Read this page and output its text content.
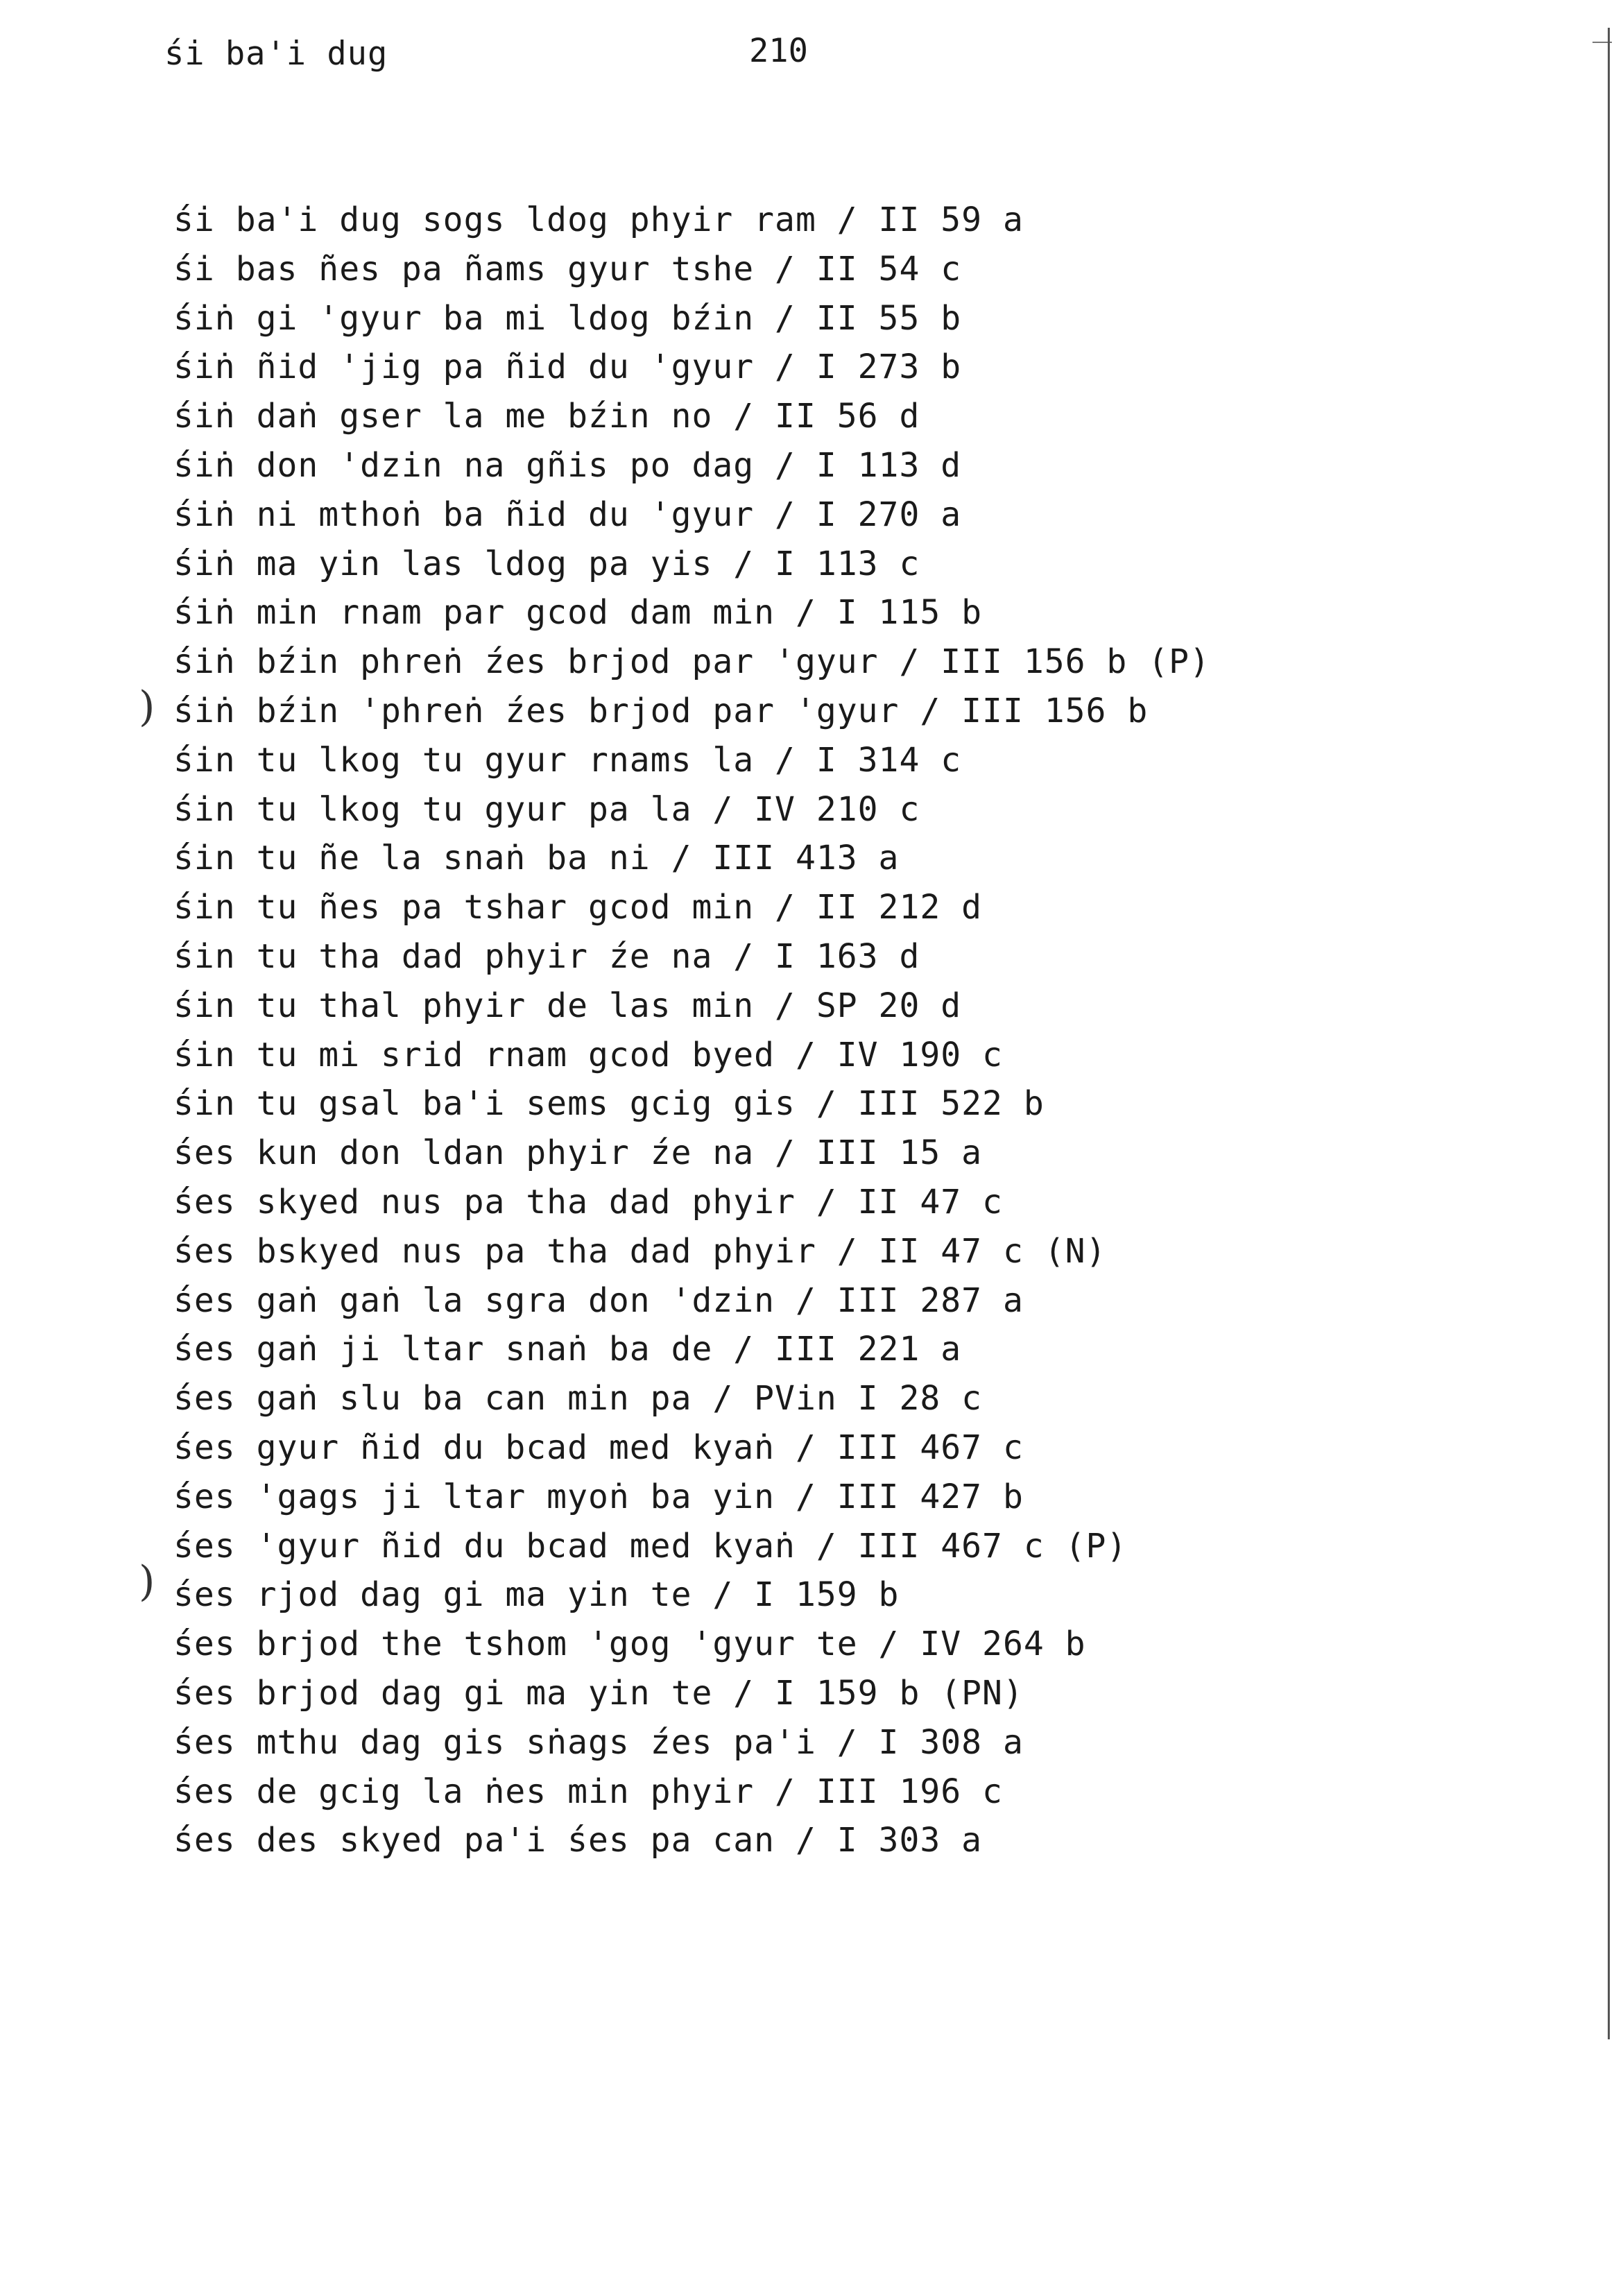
śi ba'i dug	210
śi ba'i dug sogs ldog phyir ram / II 59 a
śi bas ñes pa ñams gyur tshe / II 54 c
śiṅ gi 'gyur ba mi ldog bźin / II 55 b
śiṅ ñid 'jig pa ñid du 'gyur / I 273 b
śiṅ daṅ gser la me bźin no / II 56 d
śiṅ don 'dzin na gñis po dag / I 113 d
śiṅ ni mthoṅ ba ñid du 'gyur / I 270 a
śiṅ ma yin las ldog pa yis / I 113 c
śiṅ min rnam par gcod dam min / I 115 b
śiṅ bźin phreṅ źes brjod par 'gyur / III 156 b (P)
śiṅ bźin 'phreṅ źes brjod par 'gyur / III 156 b
śin tu lkog tu gyur rnams la / I 314 c
śin tu lkog tu gyur pa la / IV 210 c
śin tu ñe la snaṅ ba ni / III 413 a
śin tu ñes pa tshar gcod min / II 212 d
śin tu tha dad phyir źe na / I 163 d
śin tu thal phyir de las min / SP 20 d
śin tu mi srid rnam gcod byed / IV 190 c
śin tu gsal ba'i sems gcig gis / III 522 b
śes kun don ldan phyir źe na / III 15 a
śes skyed nus pa tha dad phyir / II 47 c
śes bskyed nus pa tha dad phyir / II 47 c (N)
śes gaṅ gaṅ la sgra don 'dzin / III 287 a
śes gaṅ ji ltar snaṅ ba de / III 221 a
śes gaṅ slu ba can min pa / PVin I 28 c
śes gyur ñid du bcad med kyaṅ / III 467 c
śes 'gags ji ltar myoṅ ba yin / III 427 b
śes 'gyur ñid du bcad med kyaṅ / III 467 c (P)
śes rjod dag gi ma yin te / I 159 b
śes brjod the tshom 'gog 'gyur te / IV 264 b
śes brjod dag gi ma yin te / I 159 b (PN)
śes mthu dag gis sṅags źes pa'i / I 308 a
śes de gcig la ṅes min phyir / III 196 c
śes des skyed pa'i śes pa can / I 303 a
)
)
